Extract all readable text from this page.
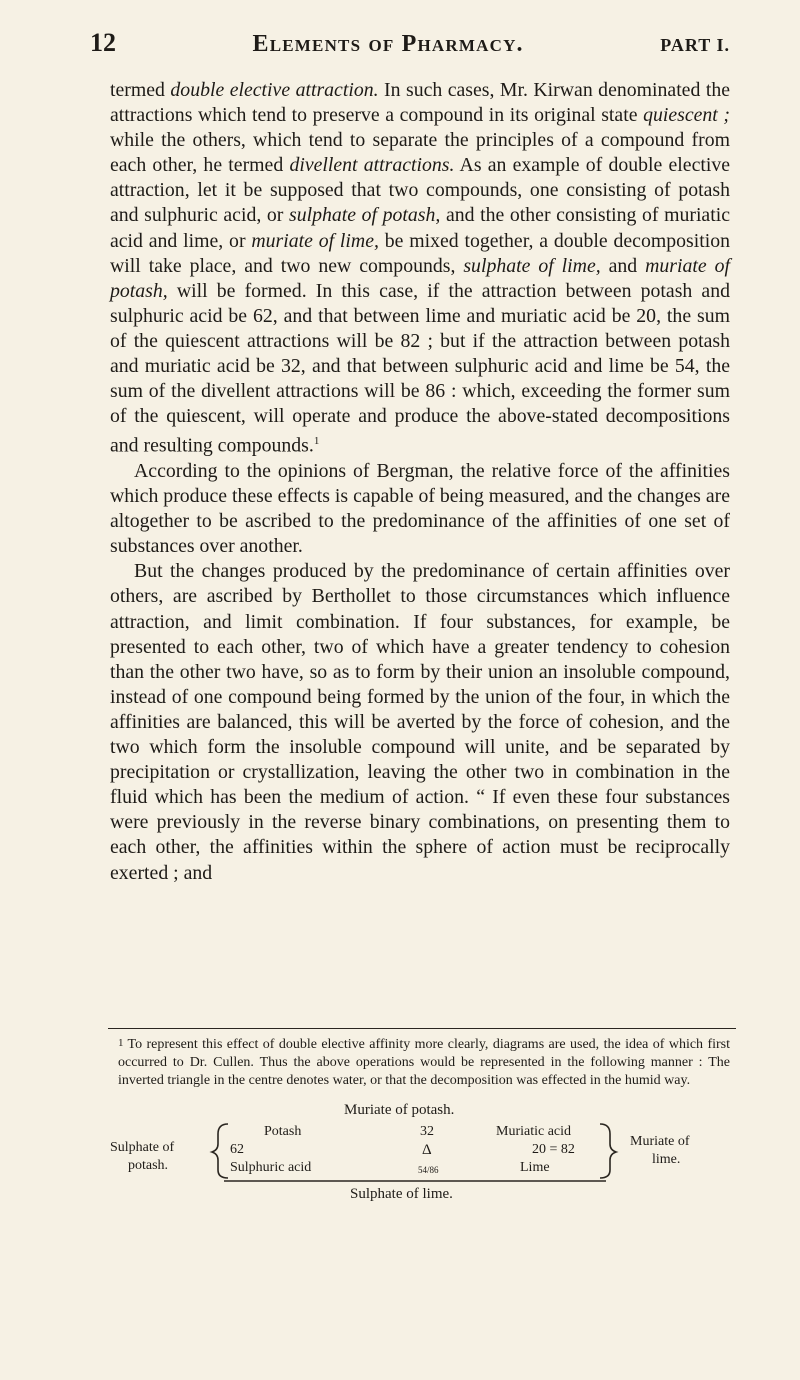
12	Elements of Pharmacy.	PART I.

termed double elective attraction. In such cases, Mr. Kirwan denominated the attractions which tend to preserve a compound in its original state quiescent ; while the others, which tend to separate the principles of a compound from each other, he termed divellent attractions. As an example of double elective attraction, let it be supposed that two compounds, one consisting of potash and sulphuric acid, or sulphate of potash, and the other consisting of muriatic acid and lime, or muriate of lime, be mixed together, a double decomposition will take place, and two new compounds, sulphate of lime, and muriate of potash, will be formed. In this case, if the attraction between potash and sulphuric acid be 62, and that between lime and muriatic acid be 20, the sum of the quiescent attractions will be 82 ; but if the attraction between potash and muriatic acid be 32, and that between sulphuric acid and lime be 54, the sum of the divellent attractions will be 86 : which, exceeding the former sum of the quiescent, will operate and produce the above-stated decompositions and resulting compounds.$^1$

According to the opinions of Bergman, the relative force of the affinities which produce these effects is capable of being measured, and the changes are altogether to be ascribed to the predominance of the affinities of one set of substances over another.

But the changes produced by the predominance of certain affinities over others, are ascribed by Berthollet to those circumstances which influence attraction, and limit combination. If four substances, for example, be presented to each other, two of which have a greater tendency to cohesion than the other two have, so as to form by their union an insoluble compound, instead of one compound being formed by the union of the four, in which the affinities are balanced, this will be averted by the force of cohesion, and the two which form the insoluble compound will unite, and be separated by precipitation or crystallization, leaving the other two in combination in the fluid which has been the medium of action. “ If even these four substances were previously in the reverse binary combinations, on presenting them to each other, the affinities within the sphere of action must be reciprocally exerted ; and

1 To represent this effect of double elective affinity more clearly, diagrams are used, the idea of which first occurred to Dr. Cullen. Thus the above operations would be represented in the following manner : The inverted triangle in the centre denotes water, or that the decomposition was effected in the humid way.
Muriate of potash.
Sulphate of
potash.
Potash	32	Muriatic acid
62	Δ	20 = 82
Sulphuric acid	54/86	Lime
Muriate of
lime.
Sulphate of lime.
